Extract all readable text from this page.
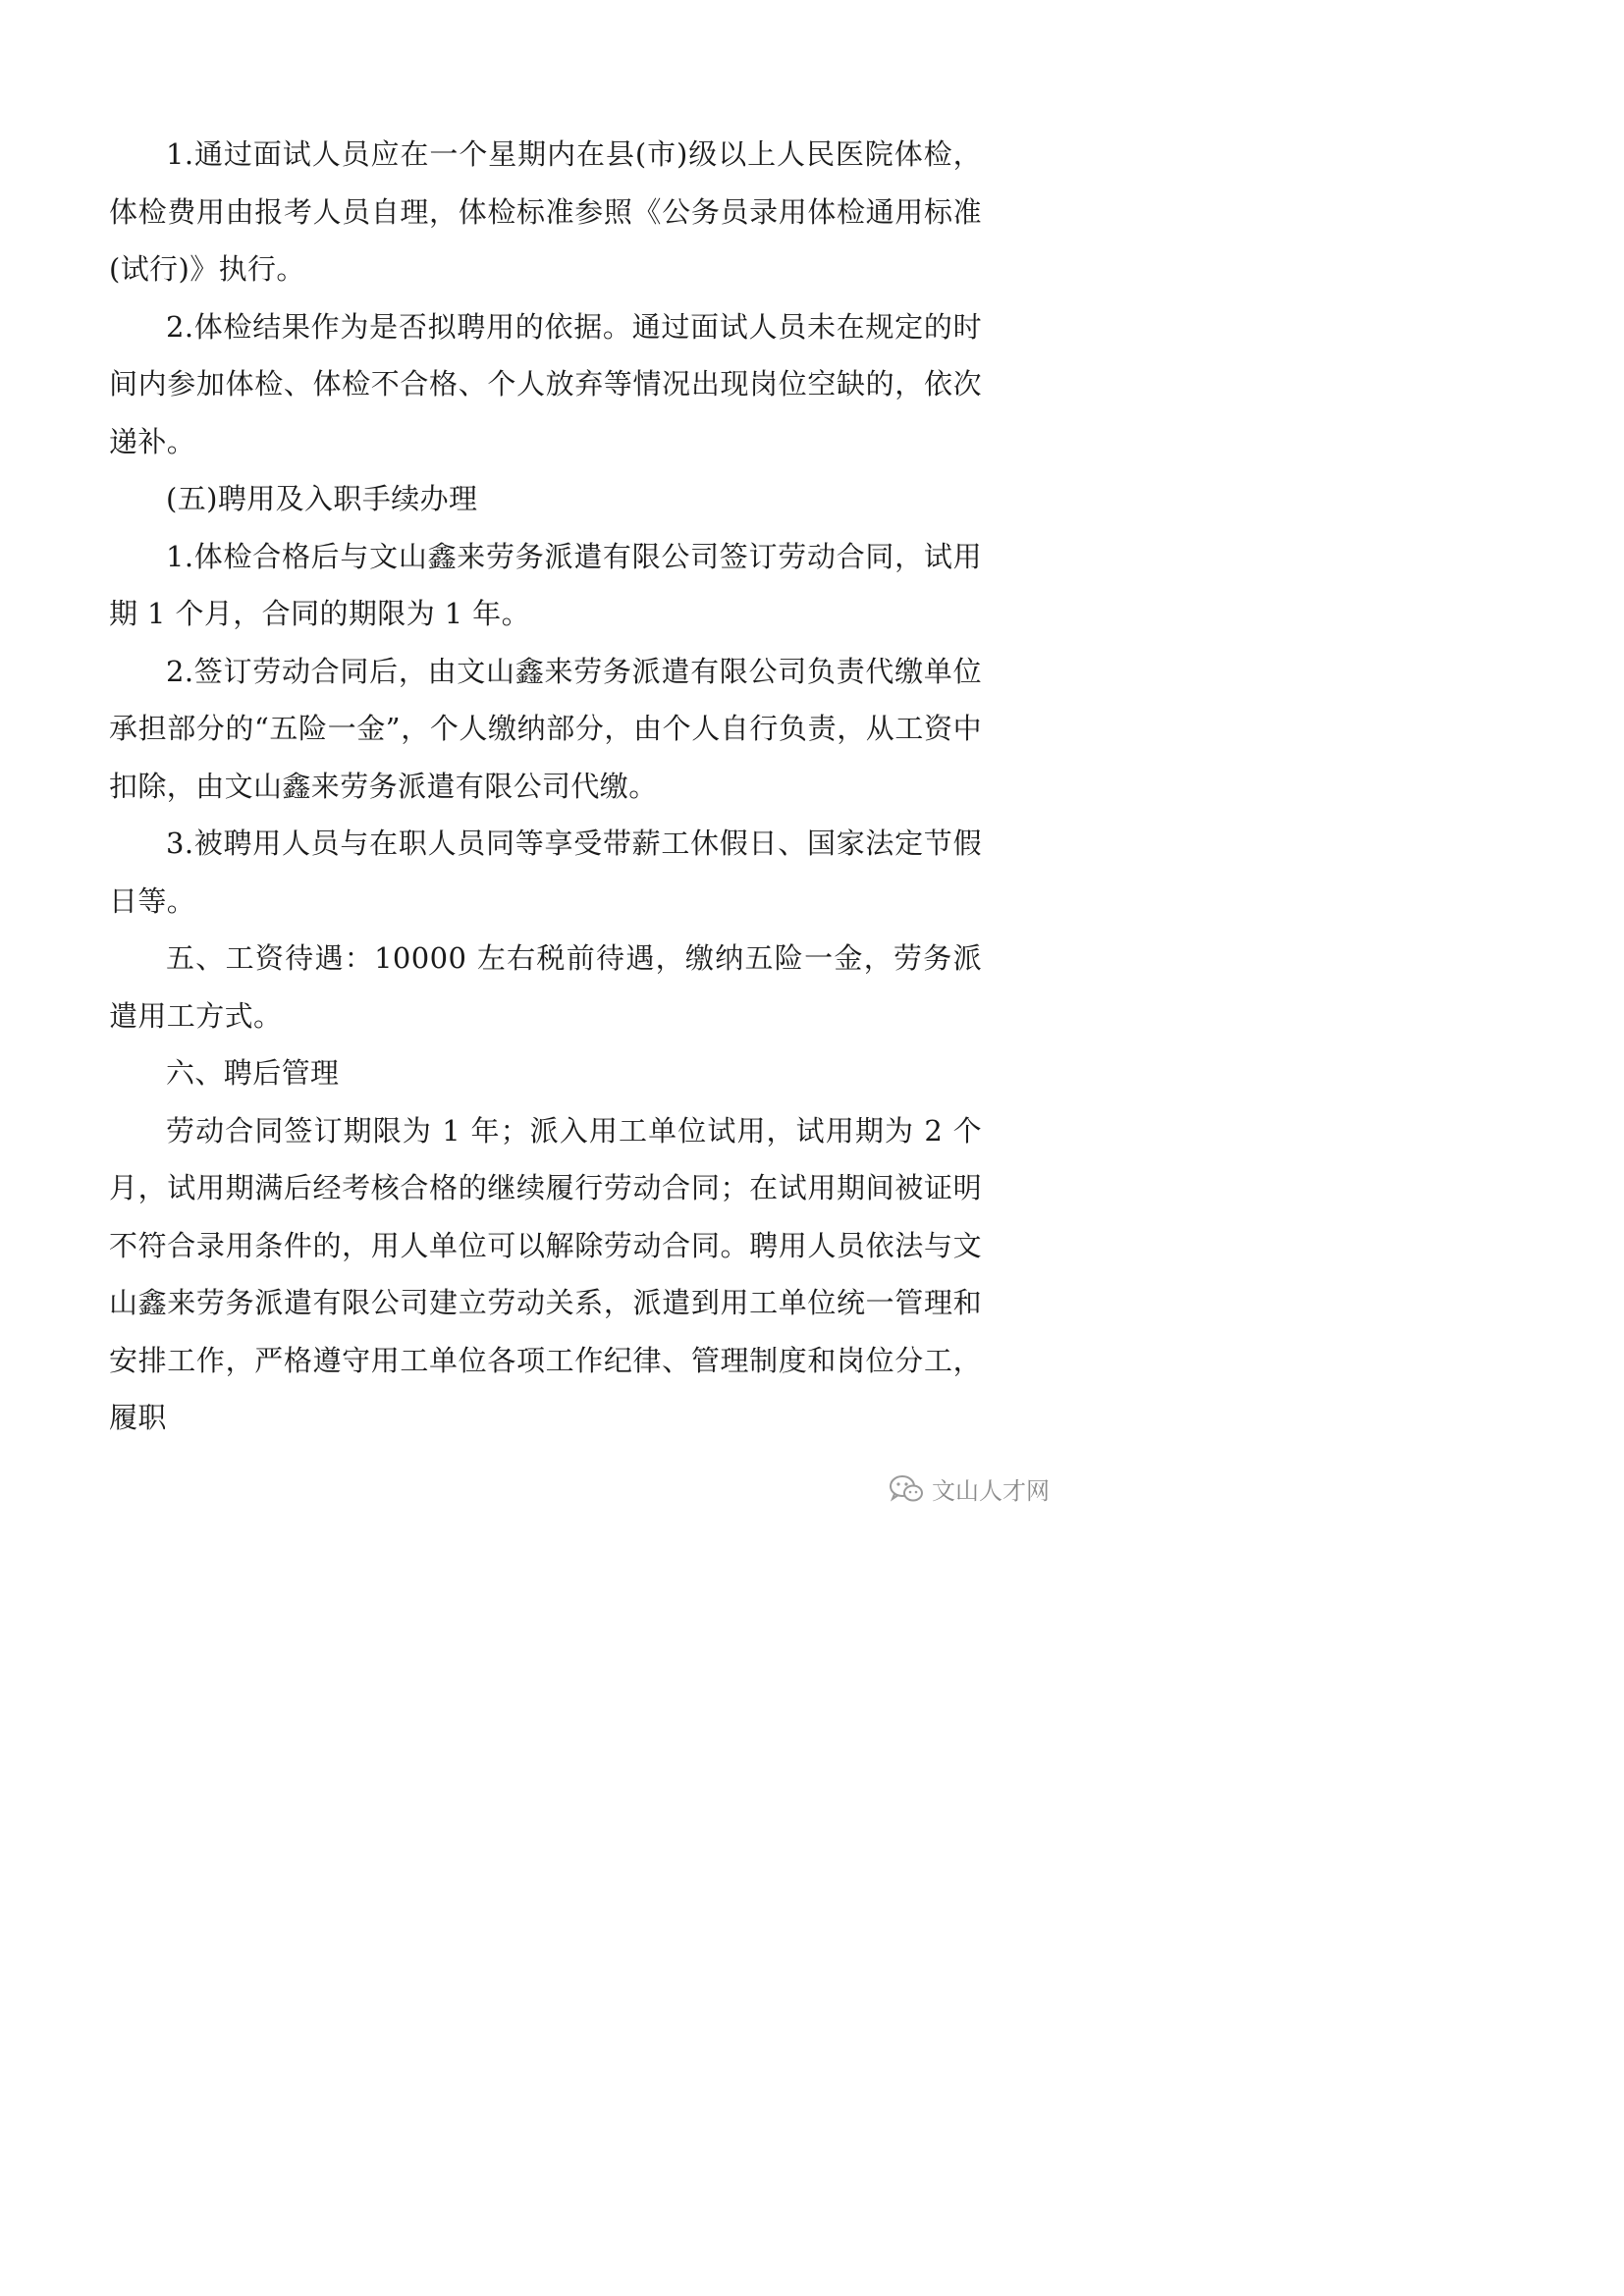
1.通过面试人员应在一个星期内在县(市)级以上人民医院体检，体检费用由报考人员自理，体检标准参照《公务员录用体检通用标准(试行)》执行。

2.体检结果作为是否拟聘用的依据。通过面试人员未在规定的时间内参加体检、体检不合格、个人放弃等情况出现岗位空缺的，依次递补。

(五)聘用及入职手续办理

1.体检合格后与文山鑫来劳务派遣有限公司签订劳动合同，试用期 1 个月，合同的期限为 1 年。

2.签订劳动合同后，由文山鑫来劳务派遣有限公司负责代缴单位承担部分的“五险一金”，个人缴纳部分，由个人自行负责，从工资中扣除，由文山鑫来劳务派遣有限公司代缴。

3.被聘用人员与在职人员同等享受带薪工休假日、国家法定节假日等。

五、工资待遇：10000 左右税前待遇，缴纳五险一金，劳务派遣用工方式。

六、聘后管理

劳动合同签订期限为 1 年；派入用工单位试用，试用期为 2 个月，试用期满后经考核合格的继续履行劳动合同；在试用期间被证明不符合录用条件的，用人单位可以解除劳动合同。聘用人员依法与文山鑫来劳务派遣有限公司建立劳动关系，派遣到用工单位统一管理和安排工作，严格遵守用工单位各项工作纪律、管理制度和岗位分工，履职

文山人才网
